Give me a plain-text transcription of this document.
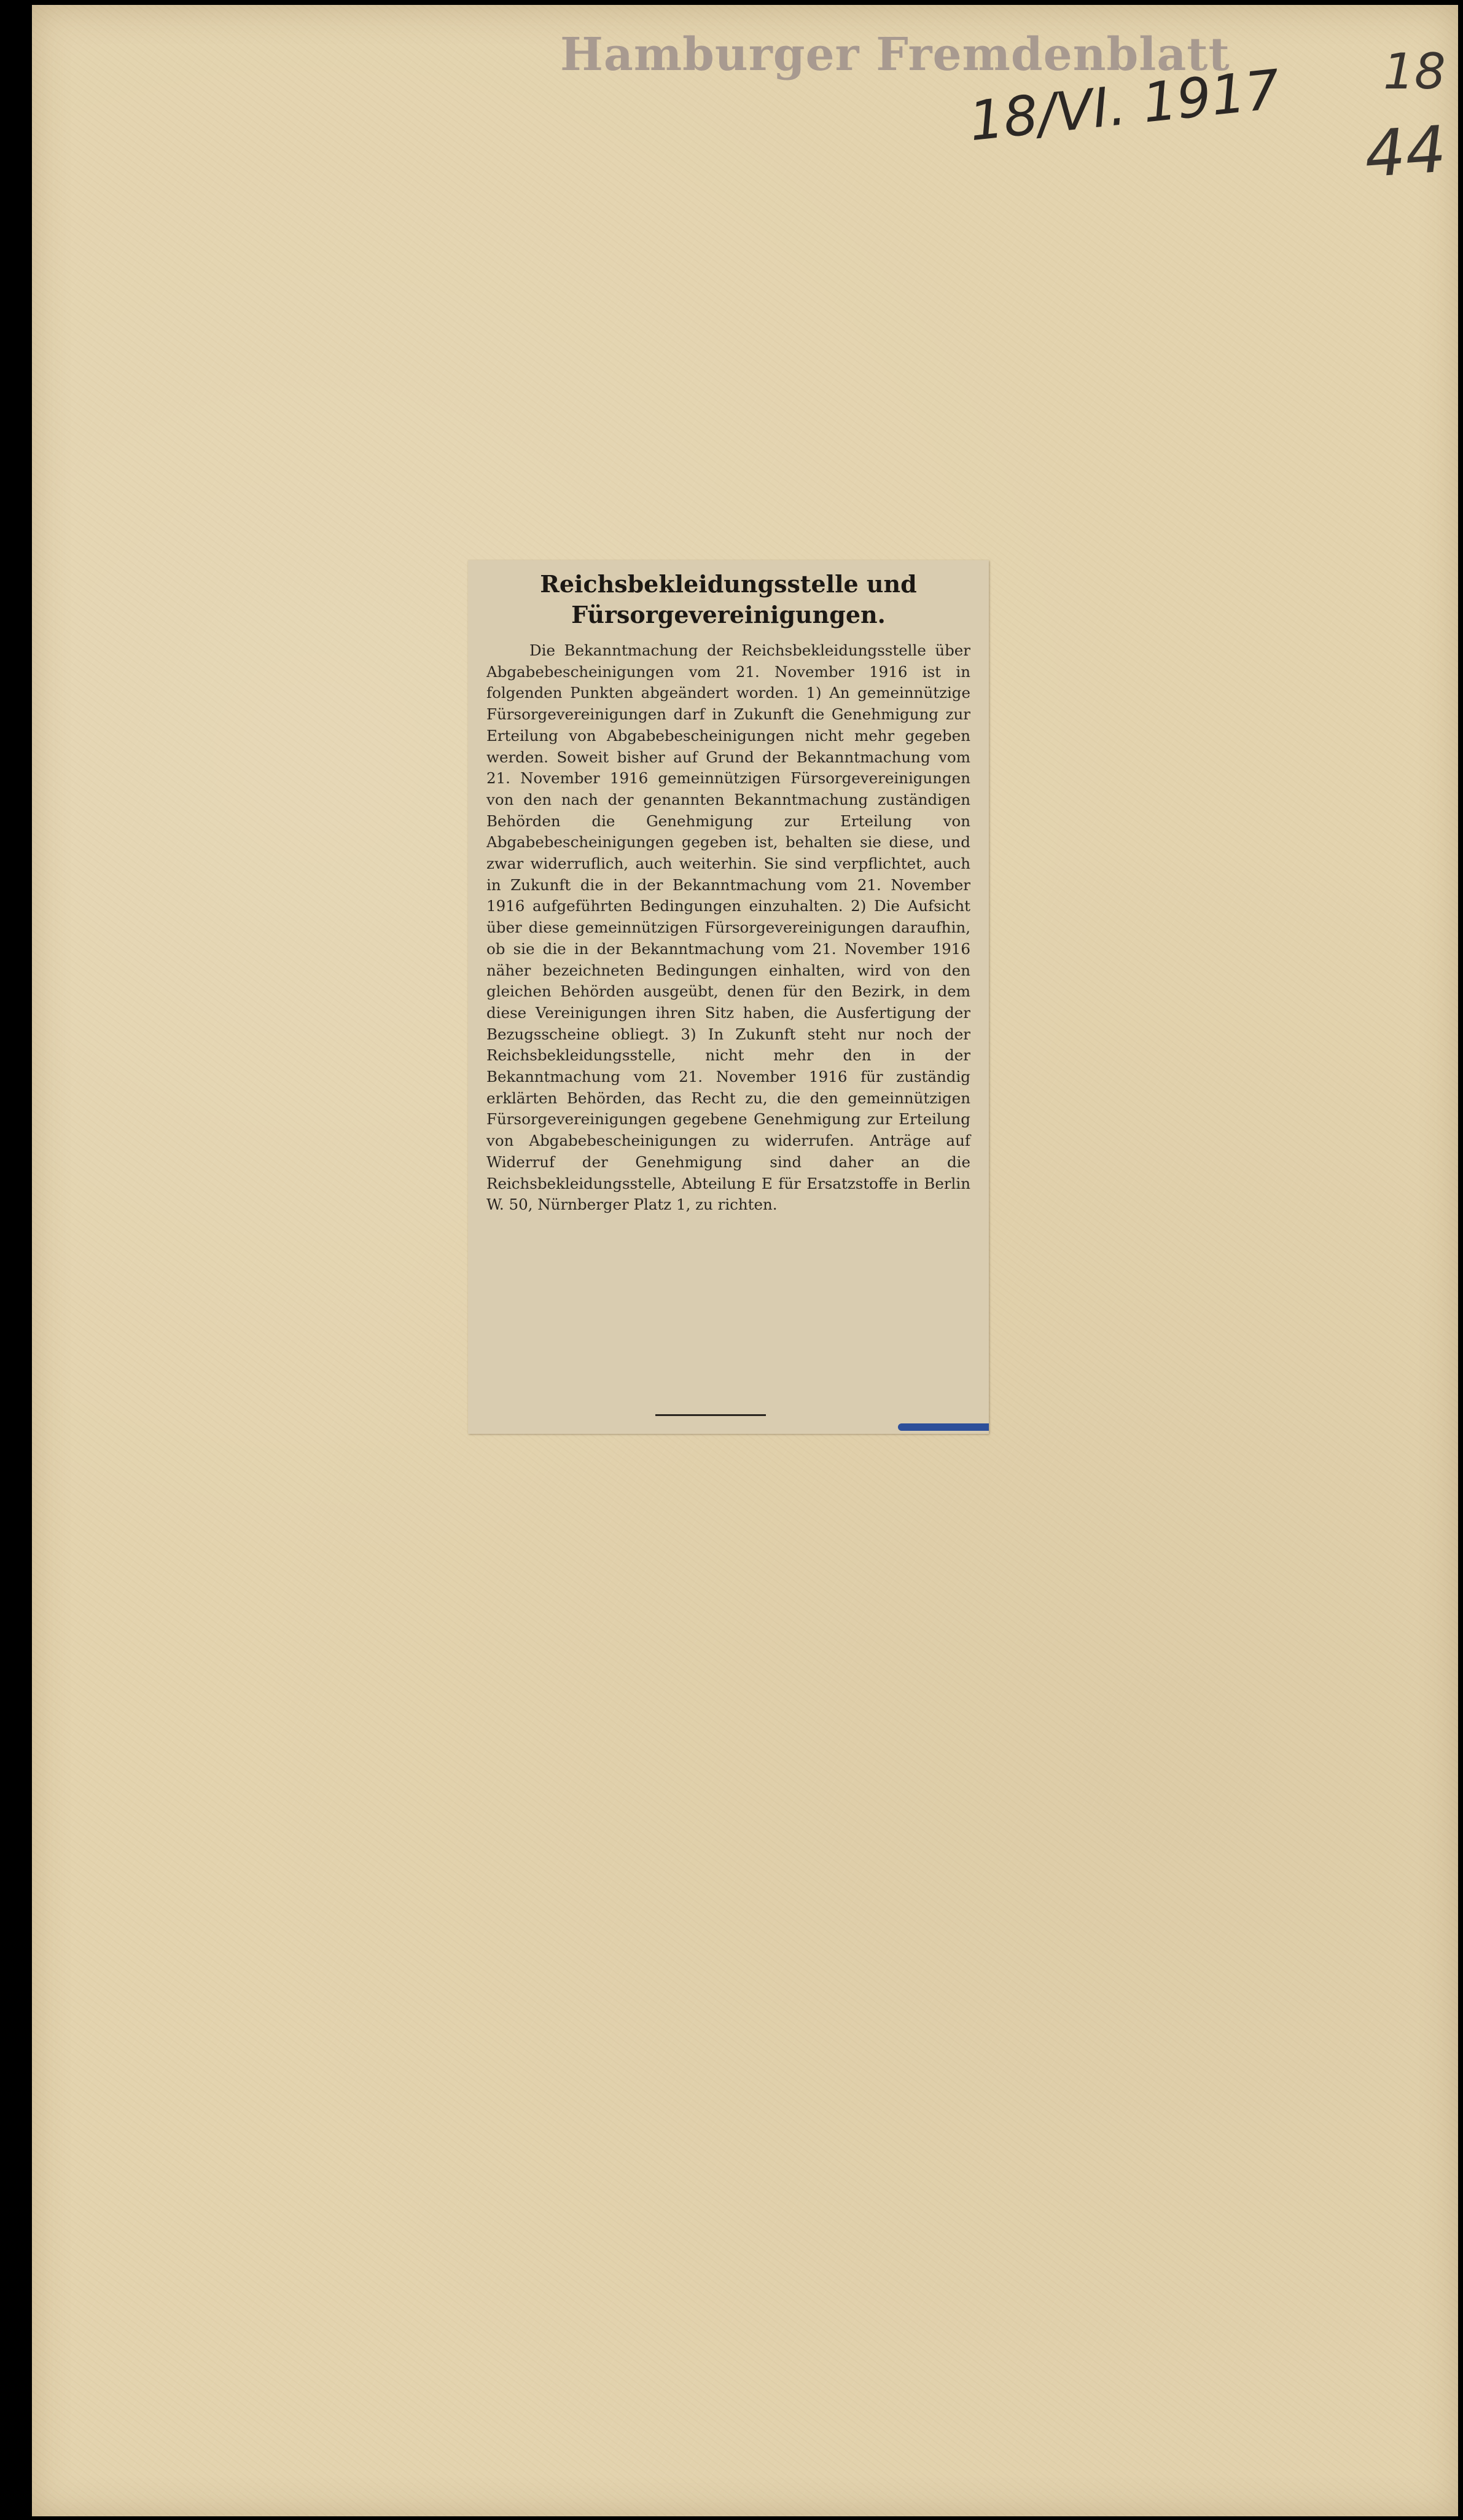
Hamburger Fremdenblatt
18/VI. 1917 18
44
Reichsbekleidungsstelle und Fürsorgevereinigungen.

Die Bekanntmachung der Reichsbekleidungsstelle über Abgabebescheinigungen vom 21. November 1916 ist in folgenden Punkten abgeändert worden. 1) An gemeinnützige Fürsorgevereinigungen darf in Zukunft die Genehmigung zur Erteilung von Abgabebescheinigungen nicht mehr gegeben werden. Soweit bisher auf Grund der Bekanntmachung vom 21. November 1916 gemeinnützigen Fürsorgevereinigungen von den nach der genannten Bekanntmachung zuständigen Behörden die Genehmigung zur Erteilung von Abgabebescheinigungen gegeben ist, behalten sie diese, und zwar widerruflich, auch weiterhin. Sie sind verpflichtet, auch in Zukunft die in der Bekanntmachung vom 21. November 1916 aufgeführten Bedingungen einzuhalten. 2) Die Aufsicht über diese gemeinnützigen Fürsorgevereinigungen daraufhin, ob sie die in der Bekanntmachung vom 21. November 1916 näher bezeichneten Bedingungen einhalten, wird von den gleichen Behörden ausgeübt, denen für den Bezirk, in dem diese Vereinigungen ihren Sitz haben, die Ausfertigung der Bezugsscheine obliegt. 3) In Zukunft steht nur noch der Reichsbekleidungsstelle, nicht mehr den in der Bekanntmachung vom 21. November 1916 für zuständig erklärten Behörden, das Recht zu, die den gemeinnützigen Fürsorgevereinigungen gegebene Genehmigung zur Erteilung von Abgabebescheinigungen zu widerrufen. Anträge auf Widerruf der Genehmigung sind daher an die Reichsbekleidungsstelle, Abteilung E für Ersatzstoffe in Berlin W. 50, Nürnberger Platz 1, zu richten.
